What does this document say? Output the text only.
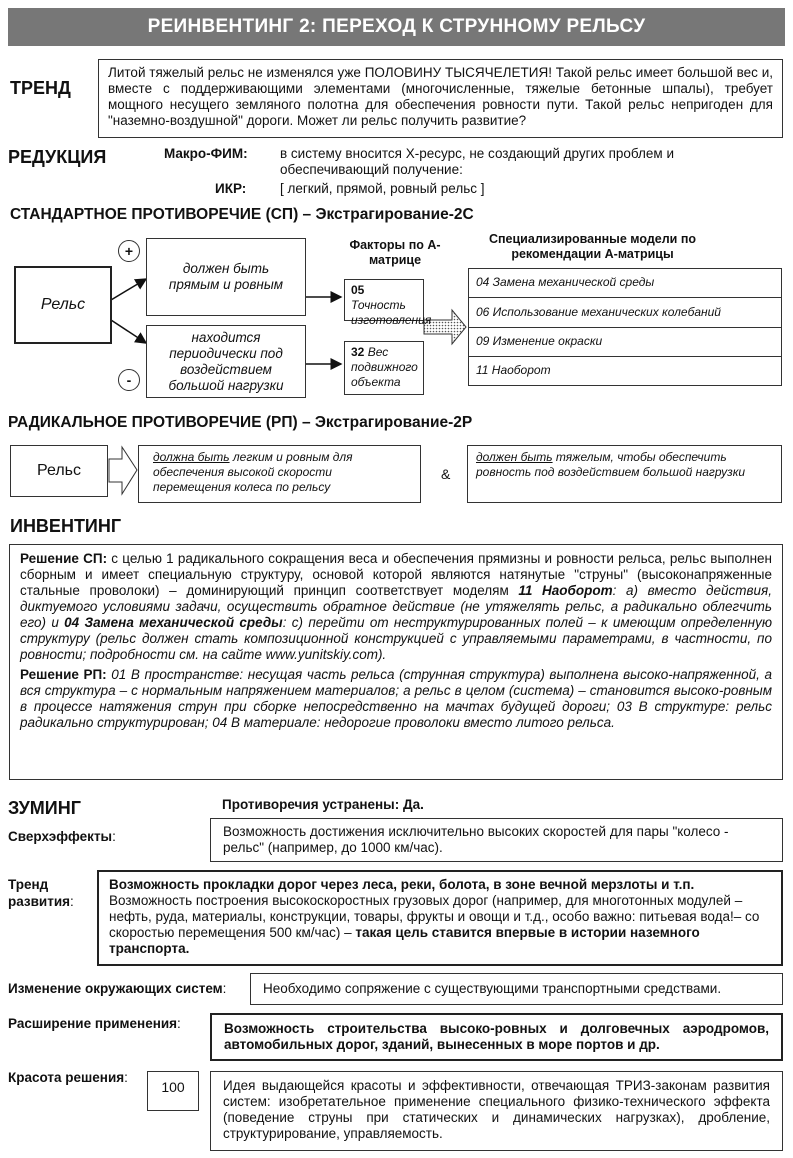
РЕИНВЕНТИНГ 2: ПЕРЕХОД К СТРУННОМУ РЕЛЬСУ
ТРЕНД
Литой тяжелый рельс не изменялся уже ПОЛОВИНУ ТЫСЯЧЕЛЕТИЯ! Такой рельс имеет большой вес и, вместе с поддерживающими элементами (многочисленные, тяжелые бетонные шпалы), требует мощного несущего земляного полотна для обеспечения ровности пути. Такой рельс непригоден для "наземно-воздушной" дороги. Может ли рельс получить развитие?
РЕДУКЦИЯ	Макро-ФИМ: в систему вносится Х-ресурс, не создающий других проблем и обеспечивающий получение:
ИКР: [ легкий, прямой, ровный рельс ]
СТАНДАРТНОЕ ПРОТИВОРЕЧИЕ (СП) – Экстрагирование-2С
Рельс
+
-
должен быть прямым и ровным
находится периодически под воздействием большой нагрузки
Факторы по А-матрице
05 Точность изготовления
32 Вес подвижного объекта
Специализированные модели по рекомендации А-матрицы
04 Замена механической среды
06 Использование механических колебаний
09 Изменение окраски
11 Наоборот
РАДИКАЛЬНОЕ ПРОТИВОРЕЧИЕ (РП) – Экстрагирование-2Р
Рельс
должна быть легким и ровным для обеспечения высокой скорости перемещения колеса по рельсу
&
должен быть тяжелым, чтобы обеспечить ровность под воздействием большой нагрузки
ИНВЕНТИНГ
Решение СП: с целью 1 радикального сокращения веса и обеспечения прямизны и ровности рельса, рельс выполнен сборным и имеет специальную структуру, основой которой являются натянутые "струны" (высоконапряженные стальные проволоки) – доминирующий принцип соответствует моделям 11 Наоборот: а) вместо действия, диктуемого условиями задачи, осуществить обратное действие (не утяжелять рельс, а радикально облегчить его) и 04 Замена механической среды: с) перейти от неструктурированных полей – к имеющим определенную структуру (рельс должен стать композиционной конструкцией с управляемыми параметрами, в частности, по ровности; подробности см. на сайте www.yunitskiy.com).
Решение РП: 01 В пространстве: несущая часть рельса (струнная структура) выполнена высоко-напряженной, а вся структура – с нормальным напряжением материалов; а рельс в целом (система) – становится высоко-ровным в процессе натяжения струн при сборке непосредственно на мачтах будущей дороги; 03 В структуре: рельс радикально структурирован; 04 В материале: недорогие проволоки вместо литого рельса.
ЗУМИНГ	Противоречия устранены: Да.
Сверхэффекты:	Возможность достижения исключительно высоких скоростей для пары "колесо - рельс" (например, до 1000 км/час).
Тренд
развития:
Возможность прокладки дорог через леса, реки, болота, в зоне вечной мерзлоты и т.п.
Возможность построения высокоскоростных грузовых дорог (например, для многотонных модулей – нефть, руда, материалы, конструкции, товары, фрукты и овощи и т.д., особо важно: питьевая вода!– со скоростью перемещения 500 км/час) – такая цель ставится впервые в истории наземного транспорта.
Изменение окружающих систем:	Необходимо сопряжение с существующими транспортными средствами.
Расширение применения:	Возможность строительства высоко-ровных и долговечных аэродромов, автомобильных дорог, зданий, вынесенных в море портов и др.
Красота решения:
100	Идея выдающейся красоты и эффективности, отвечающая ТРИЗ-законам развития систем: изобретательное применение специального физико-технического эффекта (поведение струны при статических и динамических нагрузках), дробление, структурирование, управляемость.
